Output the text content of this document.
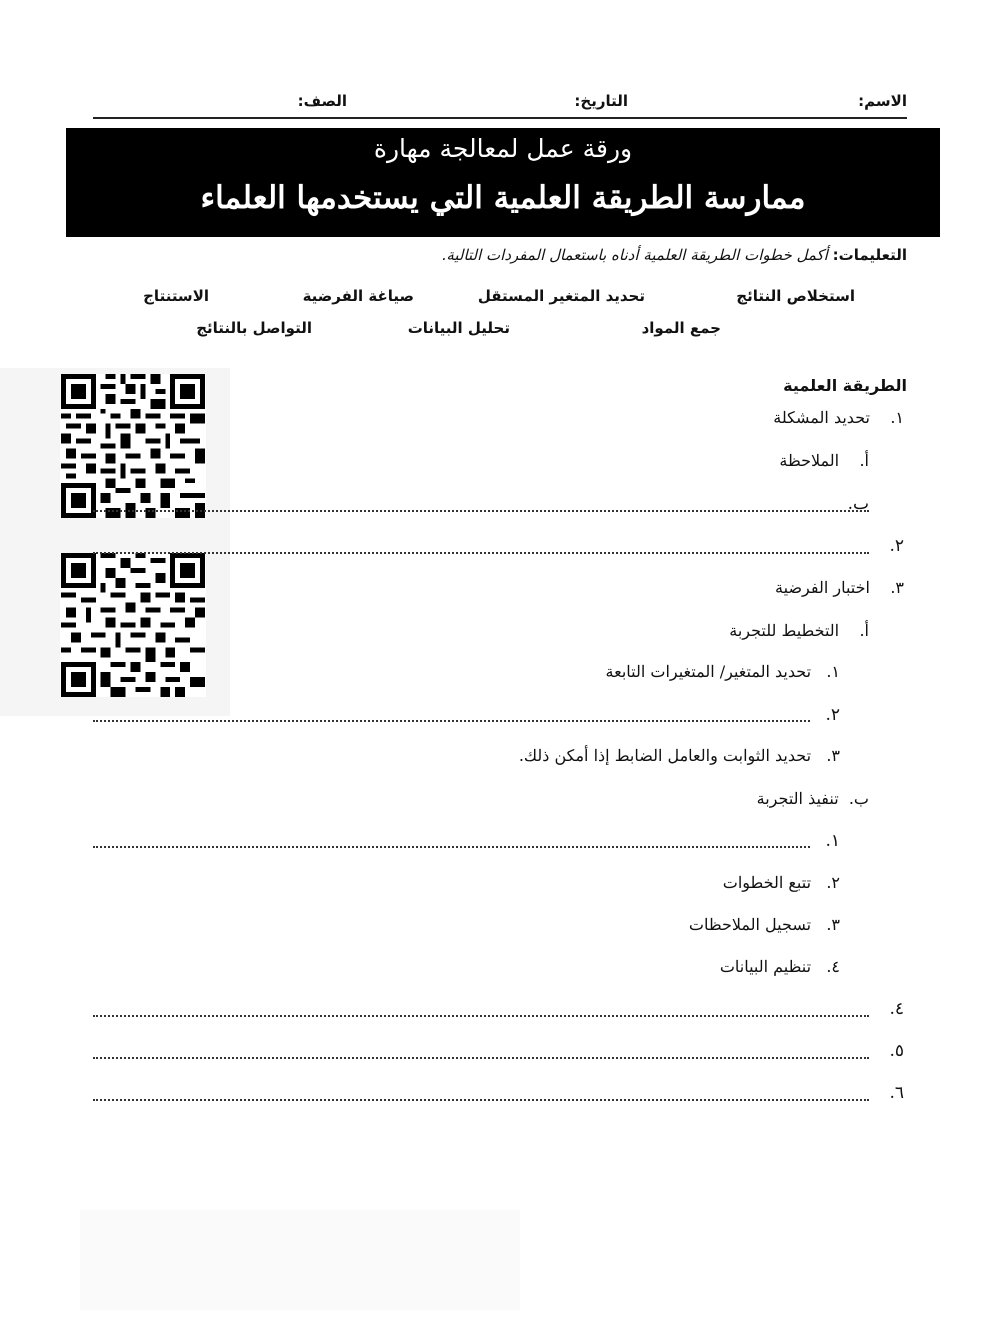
الاسم:
التاريخ:
الصف:
ورقة عمل لمعالجة مهارة
ممارسة الطريقة العلمية التي يستخدمها العلماء
التعليمات: أكمل خطوات الطريقة العلمية أدناه باستعمال المفردات التالية.
استخلاص النتائج
تحديد المتغير المستقل
صياغة الفرضية
الاستنتاج
جمع المواد
تحليل البيانات
التواصل بالنتائج
الطريقة العلمية
١.    تحديد المشكلة
أ.    الملاحظة
ب.
٢.
٣.    اختبار الفرضية
أ.    التخطيط للتجربة
١.   تحديد المتغير/ المتغيرات التابعة
٢.
٣.   تحديد الثوابت والعامل الضابط إذا أمكن ذلك.
ب.  تنفيذ التجربة
١.
٢.   تتبع الخطوات
٣.   تسجيل الملاحظات
٤.   تنظيم البيانات
٤.
٥.
٦.
